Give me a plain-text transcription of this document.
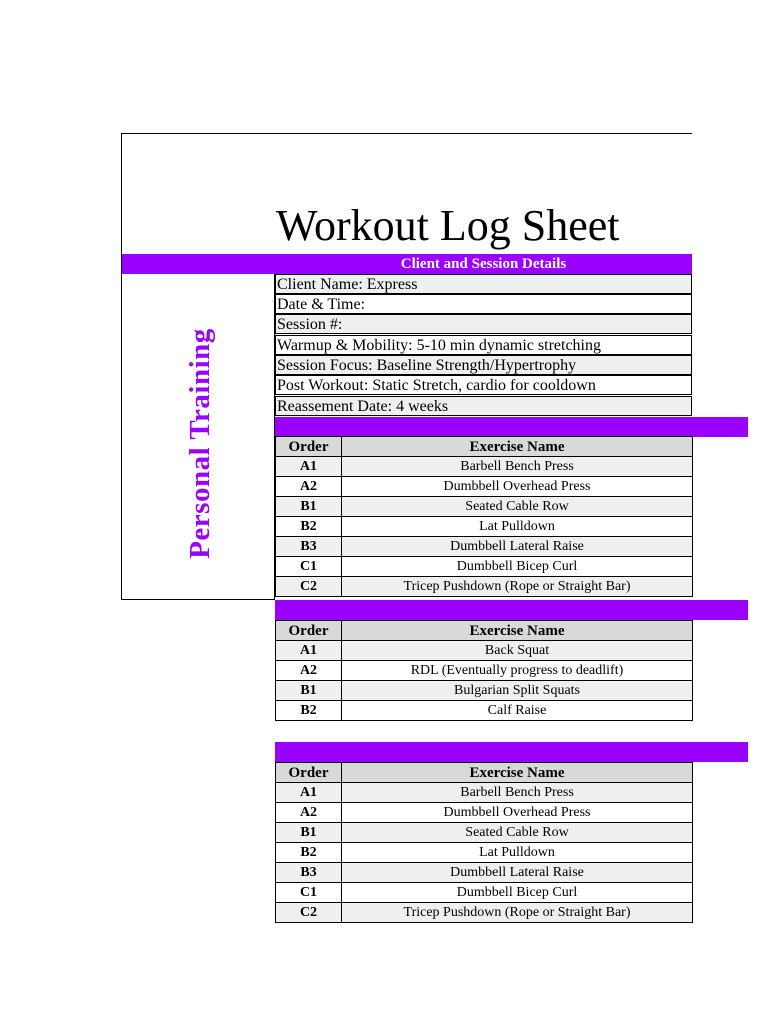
Workout Log Sheet
Client and Session Details
Personal Training
Client Name: Express
Date & Time:
Session #:
Warmup & Mobility: 5-10 min dynamic stretching
Session Focus: Baseline Strength/Hypertrophy
Post Workout: Static Stretch, cardio for cooldown
Reassement Date: 4 weeks
Order	Exercise Name
A1	Barbell Bench Press
A2	Dumbbell Overhead Press
B1	Seated Cable Row
B2	Lat Pulldown
B3	Dumbbell Lateral Raise
C1	Dumbbell Bicep Curl
C2	Tricep Pushdown (Rope or Straight Bar)
Order	Exercise Name
A1	Back Squat
A2	RDL (Eventually progress to deadlift)
B1	Bulgarian Split Squats
B2	Calf Raise
Order	Exercise Name
A1	Barbell Bench Press
A2	Dumbbell Overhead Press
B1	Seated Cable Row
B2	Lat Pulldown
B3	Dumbbell Lateral Raise
C1	Dumbbell Bicep Curl
C2	Tricep Pushdown (Rope or Straight Bar)
